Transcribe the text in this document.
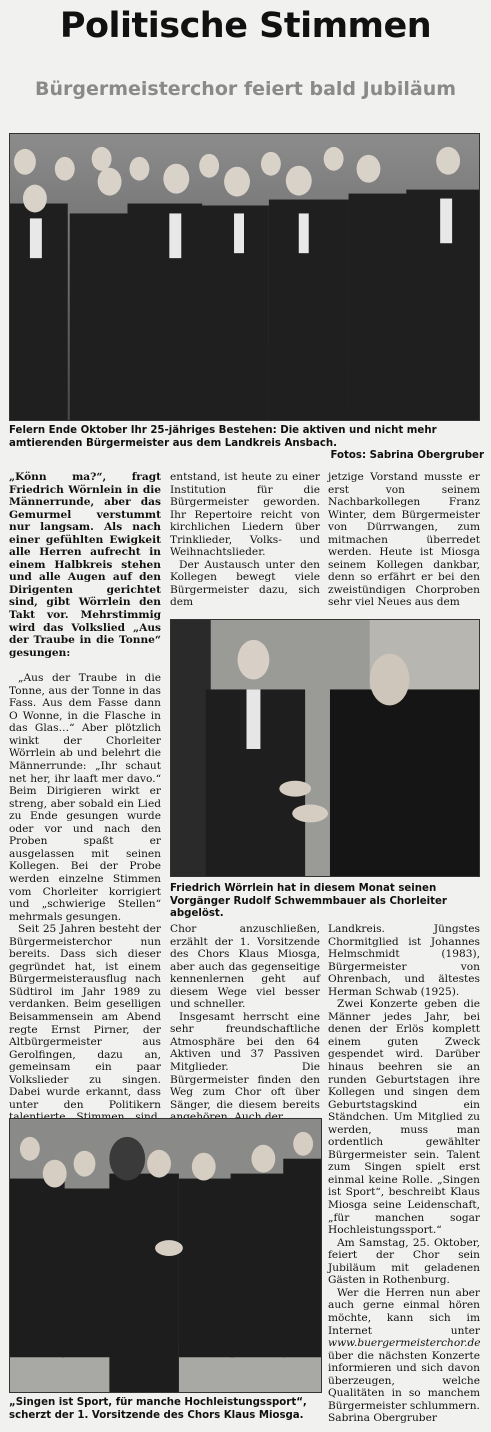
Politische Stimmen
Bürgermeisterchor feiert bald Jubiläum

Felern Ende Oktober Ihr 25-jähriges Bestehen: Die aktiven und nicht mehr amtierenden Bürgermeister aus dem Landkreis Ansbach.
Fotos: Sabrina Obergruber

„Könn ma?“, fragt Friedrich Wörnlein in die Männerrunde, aber das Gemurmel verstummt nur langsam. Als nach einer gefühlten Ewigkeit alle Herren aufrecht in einem Halbkreis stehen und alle Augen auf den Dirigenten gerichtet sind, gibt Wörrlein den Takt vor. Mehrstimmig wird das Volkslied „Aus der Traube in die Tonne“ gesungen:

„Aus der Traube in die Tonne, aus der Tonne in das Fass. Aus dem Fasse dann O Wonne, in die Flasche in das Glas…“ Aber plötzlich winkt der Chorleiter Wörrlein ab und belehrt die Männerrunde: „Ihr schaut net her, ihr laaft mer davo.“ Beim Dirigieren wirkt er streng, aber sobald ein Lied zu Ende gesungen wurde oder vor und nach den Proben spaßt er ausgelassen mit seinen Kollegen. Bei der Probe werden einzelne Stimmen vom Chorleiter korrigiert und „schwierige Stellen“ mehrmals gesungen.

Seit 25 Jahren besteht der Bürgermeisterchor nun bereits. Dass sich dieser gegründet hat, ist einem Bürgermeisterausflug nach Südtirol im Jahr 1989 zu verdanken. Beim geselligen Beisammensein am Abend regte Ernst Pirner, der Altbürgermeister aus Gerolfingen, dazu an, gemeinsam ein paar Volkslieder zu singen. Dabei wurde erkannt, dass unter den Politikern

entstand, ist heute zu einer Institution für die Bürgermeister geworden. Ihr Repertoire reicht von kirchlichen Liedern über Trinklieder, Volks- und Weihnachtslieder.

Der Austausch unter den Kollegen bewegt viele Bürgermeister dazu, sich dem

jetzige Vorstand musste er erst von seinem Nachbarkollegen Franz Winter, dem Bürgermeister von Dürrwangen, zum mitmachen überredet werden. Heute ist Miosga seinem Kollegen dankbar, denn so erfährt er bei den zweistündigen Chorproben sehr viel Neues aus dem

Friedrich Wörrlein hat in diesem Monat seinen Vorgänger Rudolf Schwemmbauer als Chorleiter abgelöst.

Chor anzuschließen, erzählt der 1. Vorsitzende des Chors Klaus Miosga, aber auch das gegenseitige kennenlernen geht auf diesem Wege viel besser und schneller.

Insgesamt herrscht eine sehr freundschaftliche Atmosphäre bei den 64 Aktiven und 37 Passiven Mitglieder. Die Bürgermeister finden den Weg zum Chor oft über Sänger, die diesem bereits

Landkreis. Jüngstes Chormitglied ist Johannes Helmschmidt (1983), Bürgermeister von Ohrenbach, und ältestes Herman Schwab (1925).

Zwei Konzerte geben die Männer jedes Jahr, bei denen der Erlös komplett einem guten Zweck gespendet wird. Darüber hinaus beehren sie an runden Geburtstagen ihre Kollegen und singen dem Geburtstagskind ein Ständchen. Um Mitglied zu werden, muss man ordentlich gewählter Bürgermeister sein. Talent zum Singen spielt erst einmal keine Rolle. „Singen ist Sport“, beschreibt Klaus Miosga seine Leidenschaft, „für manchen sogar Hochleistungssport.“

Am Samstag, 25. Oktober, feiert der Chor sein Jubiläum mit geladenen Gästen in Rothenburg.

Wer die Herren nun aber auch gerne einmal hören möchte, kann sich im Internet unter www.buergermeisterchor.de über die nächsten Konzerte informieren und sich davon überzeugen, welche Qualitäten in so manchem Bürgermeister schlummern.

Sabrina Obergruber

„Singen ist Sport, für manche Hochleistungssport“, scherzt der 1. Vorsitzende des Chors Klaus Miosga.
